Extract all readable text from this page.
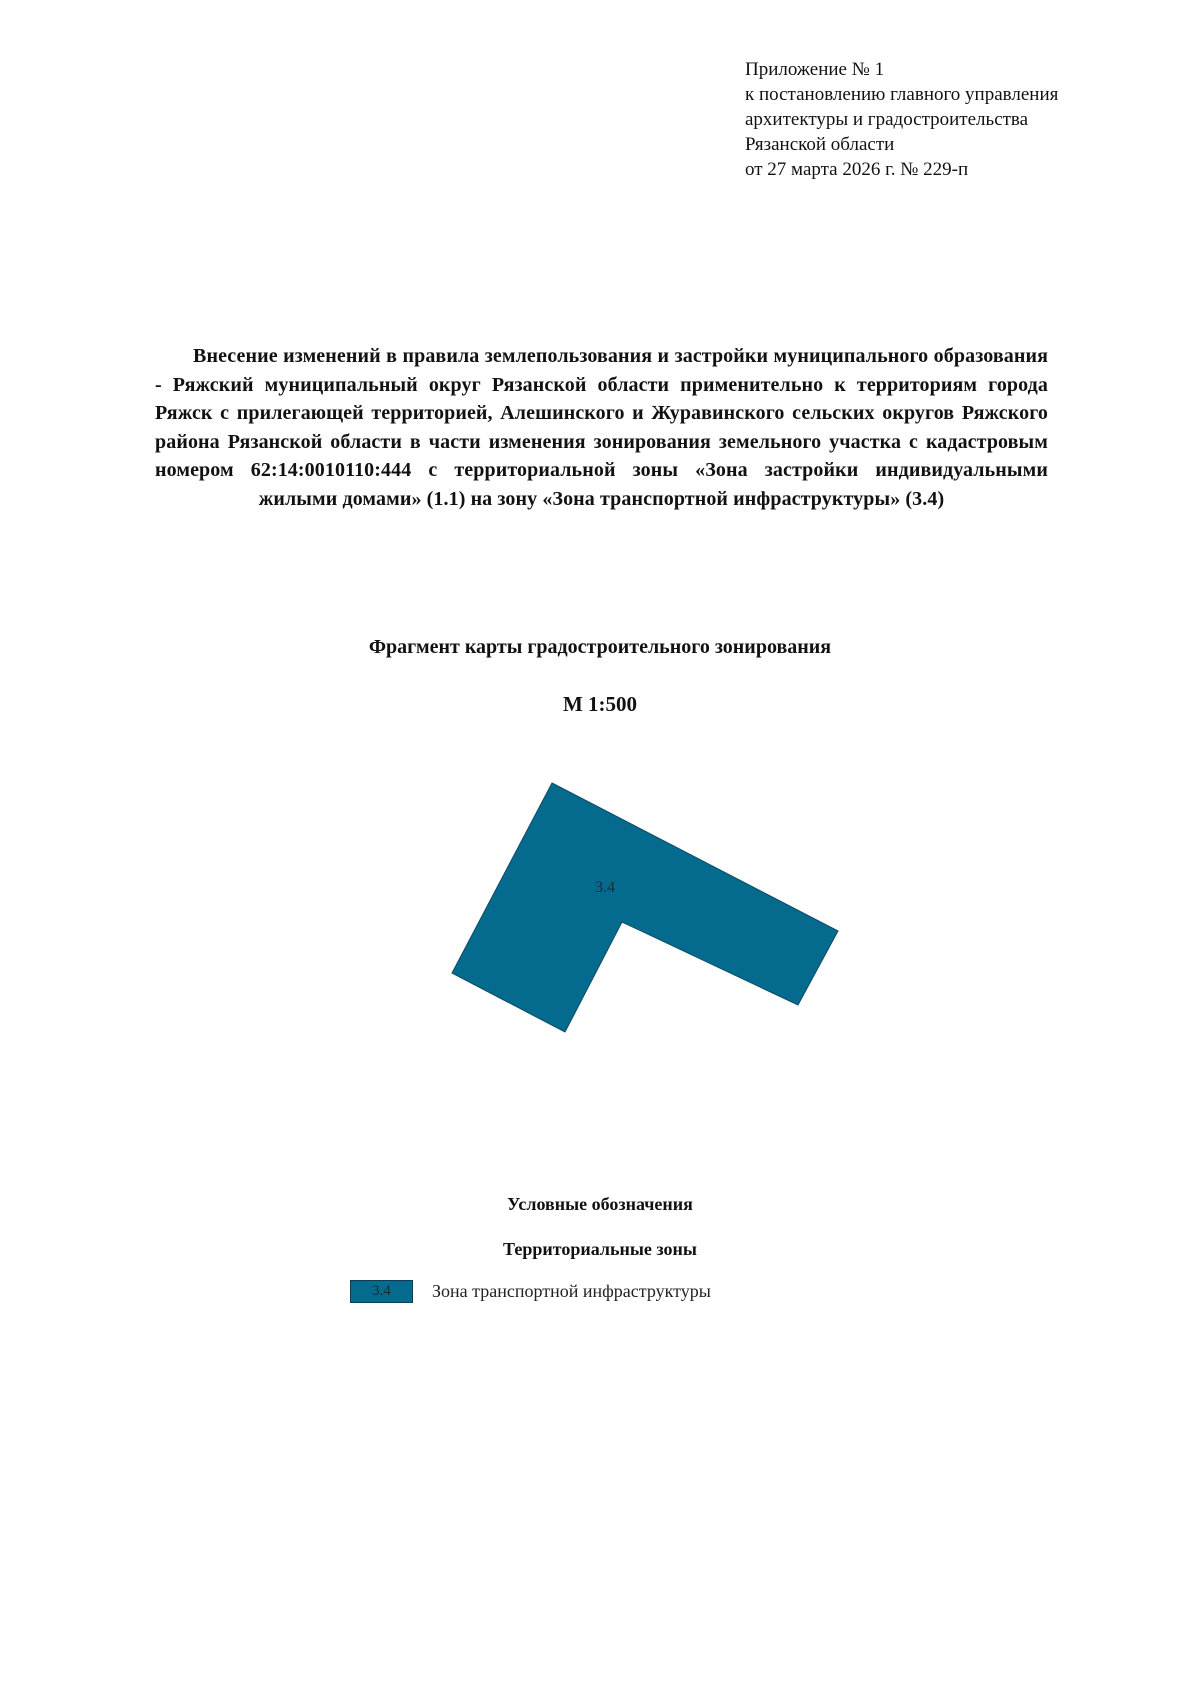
Приложение № 1
к постановлению главного управления
архитектуры и градостроительства
Рязанской области
от 27 марта 2026 г. № 229-п
Внесение изменений в правила землепользования и застройки муниципального образования - Ряжский муниципальный округ Рязанской области применительно к территориям города Ряжск с прилегающей территорией, Алешинского и Журавинского сельских округов Ряжского района Рязанской области в части изменения зонирования земельного участка с кадастровым номером 62:14:0010110:444 с территориальной зоны «Зона застройки индивидуальными жилыми домами» (1.1) на зону «Зона транспортной инфраструктуры» (3.4)
Фрагмент карты градостроительного зонирования
М 1:500
3.4
Условные обозначения
Территориальные зоны
3.4	Зона транспортной инфраструктуры
